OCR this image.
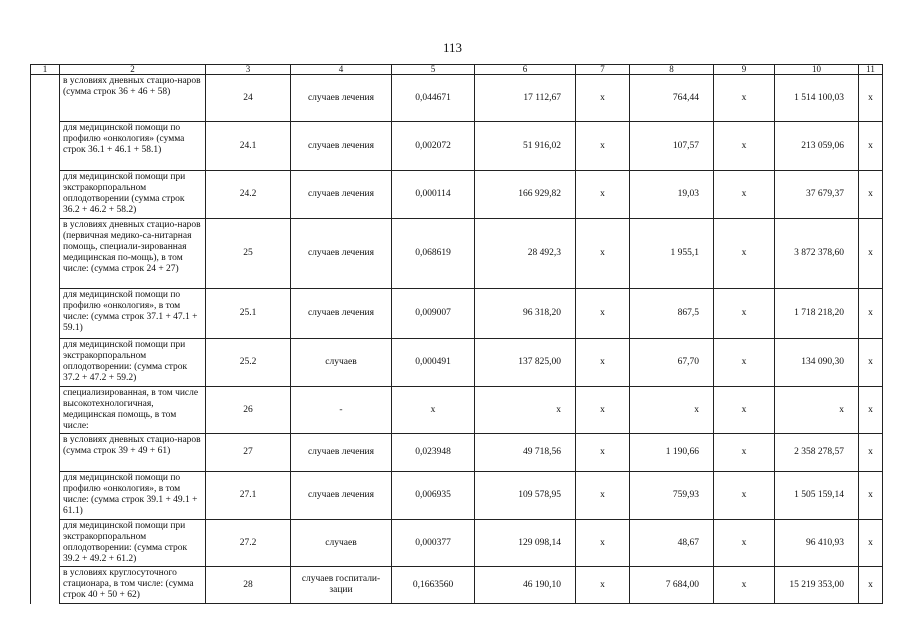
113
1	2	3	4	5	6	7	8	9	10	11
	в условиях дневных стацио-наров (сумма строк 36 + 46 + 58)	24	случаев лечения	0,044671	17 112,67	x	764,44	x	1 514 100,03	x
	для медицинской помощи по профилю «онкология» (сумма строк 36.1 + 46.1 + 58.1)	24.1	случаев лечения	0,002072	51 916,02	x	107,57	x	213 059,06	x
	для медицинской помощи при экстракорпоральном оплодотворении (сумма строк 36.2 + 46.2 + 58.2)	24.2	случаев лечения	0,000114	166 929,82	x	19,03	x	37 679,37	x
	в условиях дневных стацио-наров (первичная медико-са-нитарная помощь, специали-зированная медицинская по-мощь), в том числе: (сумма строк 24 + 27)	25	случаев лечения	0,068619	28 492,3	x	1 955,1	x	3 872 378,60	x
	для медицинской помощи по профилю «онкология», в том числе: (сумма строк 37.1 + 47.1 + 59.1)	25.1	случаев лечения	0,009007	96 318,20	x	867,5	x	1 718 218,20	x
	для медицинской помощи при экстракорпоральном оплодотворении: (сумма строк 37.2 + 47.2 + 59.2)	25.2	случаев	0,000491	137 825,00	x	67,70	x	134 090,30	x
	специализированная, в том числе высокотехнологичная, медицинская помощь, в том числе:	26	-	x	x	x	x	x	x	x
	в условиях дневных стацио-наров (сумма строк 39 + 49 + 61)	27	случаев лечения	0,023948	49 718,56	x	1 190,66	x	2 358 278,57	x
	для медицинской помощи по профилю «онкология», в том числе: (сумма строк 39.1 + 49.1 + 61.1)	27.1	случаев лечения	0,006935	109 578,95	x	759,93	x	1 505 159,14	x
	для медицинской помощи при экстракорпоральном оплодотворении: (сумма строк 39.2 + 49.2 + 61.2)	27.2	случаев	0,000377	129 098,14	x	48,67	x	96 410,93	x
	в условиях круглосуточного стационара, в том числе: (сумма строк 40 + 50 + 62)	28	случаев госпитали-зации	0,1663560	46 190,10	x	7 684,00	x	15 219 353,00	x
